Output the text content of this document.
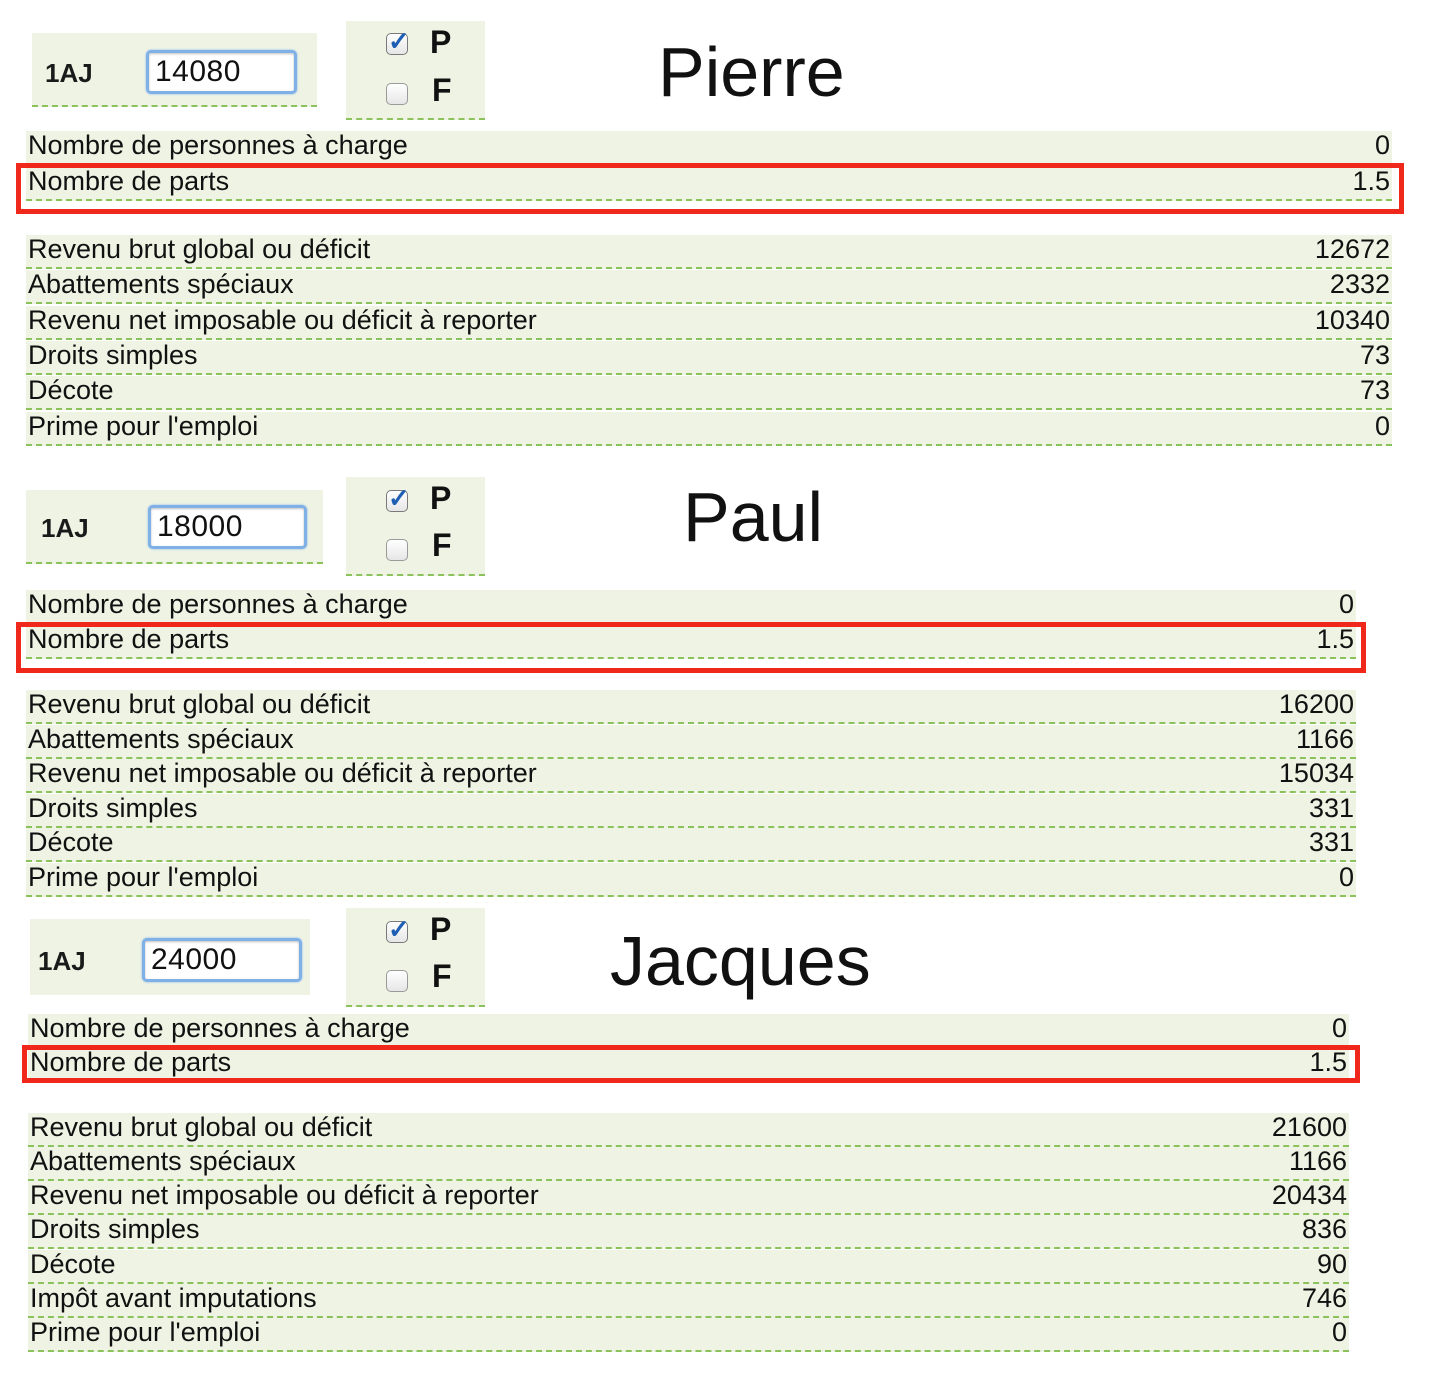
1AJ
14080
✓ P
F	Pierre
Nombre de personnes à charge	0
Nombre de parts	1.5
Revenu brut global ou déficit	12672
Abattements spéciaux	2332
Revenu net imposable ou déficit à reporter	10340
Droits simples	73
Décote	73
Prime pour l'emploi	0
1AJ
18000
✓ P
F	Paul
Nombre de personnes à charge	0
Nombre de parts	1.5
Revenu brut global ou déficit	16200
Abattements spéciaux	1166
Revenu net imposable ou déficit à reporter	15034
Droits simples	331
Décote	331
Prime pour l'emploi	0
1AJ
24000
✓ P
F Jacques
Nombre de personnes à charge	0
Nombre de parts	1.5
Revenu brut global ou déficit	21600
Abattements spéciaux	1166
Revenu net imposable ou déficit à reporter	20434
Droits simples	836
Décote	90
Impôt avant imputations	746
Prime pour l'emploi	0
